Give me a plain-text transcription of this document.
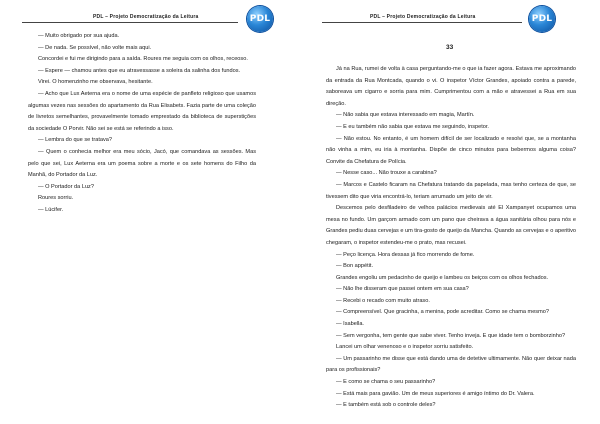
PDL – Projeto Democratização da Leitura	PDL

— Muito obrigado por sua ajuda.

— De nada. Se possível, não volte mais aqui.

Concordei e fui me dirigindo para a saída. Roures me seguia com os olhos, receoso.

— Espere — chamou antes que eu atravessasse a soleira da salinha dos fundos.

Virei. O homenzinho me observava, hesitante.

— Acho que Lux Aeterna era o nome de uma espécie de panfleto religioso que usamos algumas vezes nas sessões do apartamento da Rua Elisabets. Fazia parte de uma coleção de livretos semelhantes, provavelmente tomado emprestado da biblioteca de superstições da sociedade O Porvir. Não sei se está se referindo a isso.

— Lembra do que se tratava?

— Quem o conhecia melhor era meu sócio, Jacó, que comandava as sessões. Mas pelo que sei, Lux Aeterna era um poema sobre a morte e os sete homens do Filho da Manhã, do Portador da Luz.

— O Portador da Luz?

Roures sorriu.

— Lúcifer.

PDL – Projeto Democratização da Leitura	PDL
33

Já na Rua, rumei de volta à casa perguntando-me o que ia fazer agora. Estava me aproximando da entrada da Rua Montcada, quando o vi. O inspetor Víctor Grandes, apoiado contra a parede, saboreava um cigarro e sorria para mim. Cumprimentou com a mão e atravessei a Rua em sua direção.

— Não sabia que estava interessado em magia, Martín.

— E eu também não sabia que estava me seguindo, inspetor.

— Não estou. No entanto, é um homem difícil de ser localizado e resolvi que, se a montanha não vinha a mim, eu iria à montanha. Dispõe de cinco minutos para bebermos alguma coisa? Convite da Chefatura de Polícia.

— Nesse caso... Não trouxe a carabina?

— Marcos e Castelo ficaram na Chefatura tratando da papelada, mas tenho certeza de que, se tivessem dito que viria encontrá-lo, teriam arrumado um jeito de vir.

Descemos pelo desfiladeiro de velhos palácios medievais até El Xampanyet ocupamos uma mesa no fundo. Um garçom armado com um pano que cheirava a água sanitária olhou para nós e Grandes pediu duas cervejas e um tira-gosto de queijo da Mancha. Quando as cervejas e o aperitivo chegaram, o inspetor estendeu-me o prato, mas recusei.

— Peço licença. Hora dessas já fico morrendo de fome.

— Bon appétit.

Grandes engoliu um pedacinho de queijo e lambeu os beiços com os olhos fechados.

— Não lhe disseram que passei ontem em sua casa?

— Recebi o recado com muito atraso.

— Compreensível. Que gracinha, a menina, pode acreditar. Como se chama mesmo?

— Isabella.

— Sem vergonha, tem gente que sabe viver. Tenho inveja. E que idade tem o bomborzinho?

Lancei um olhar venenoso e o inspetor sorriu satisfeito.

— Um passarinho me disse que está dando uma de detetive ultimamente. Não quer deixar nada para os profissionais?

— E como se chama o seu passarinho?

— Está mais para gavião. Um de meus superiores é amigo íntimo do Dr. Valera.

— E também está sob o controle deles?
